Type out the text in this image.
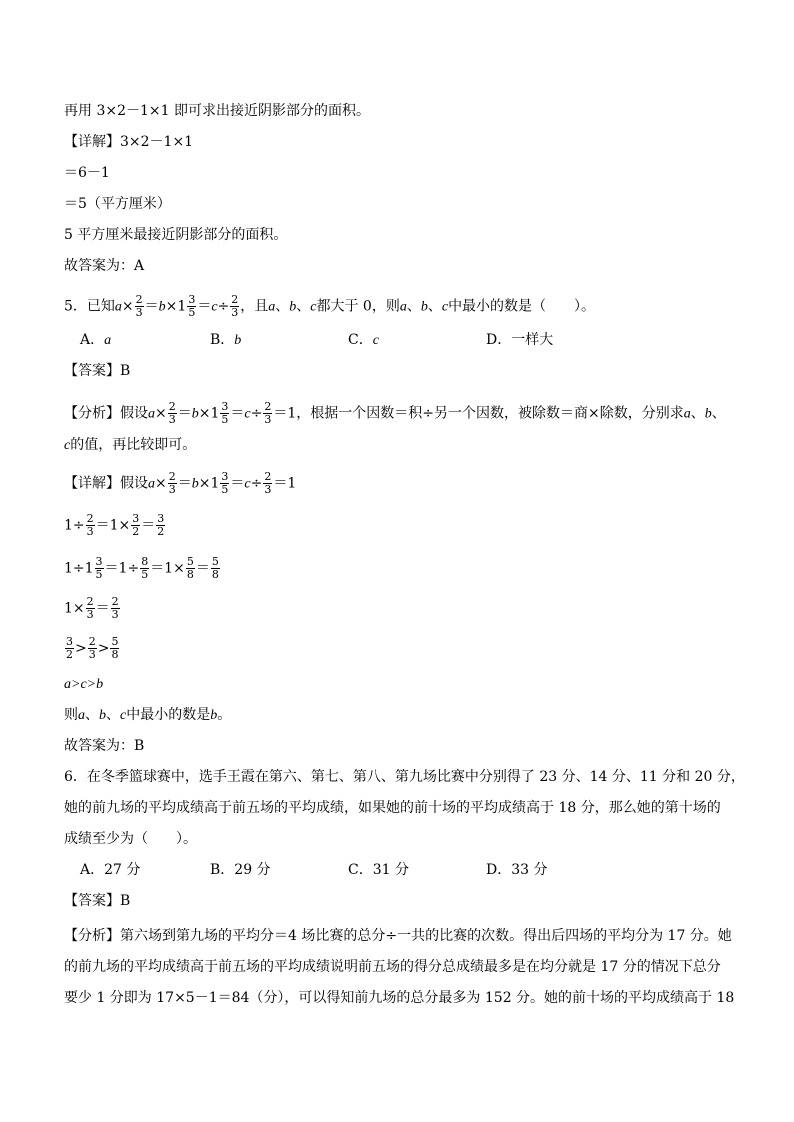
再用 3×2－1×1 即可求出接近阴影部分的面积。
【详解】3×2－1×1
＝6－1
＝5（平方厘米）
5 平方厘米最接近阴影部分的面积。
故答案为：A
5．已知$a\times \frac{2}{3} =b\times 1 \frac{3}{5} =c\div \frac{2}{3}$ ，且a、b、c都大于 0，则a、b、c中最小的数是（　　）。
A．a	B．b	C．c	D．一样大
【答案】B
【分析】假设$a\times \frac{2}{3} =b\times 1 \frac{3}{5} =c\div \frac{2}{3} =1$，根据一个因数＝积÷另一个因数，被除数＝商×除数，分别求a、b、
c的值，再比较即可。
【详解】假设$a\times \frac{2}{3} =b\times 1 \frac{3}{5} =c\div \frac{2}{3} =1$
$1\div \frac{2}{3} =1\times \frac{3}{2} = \frac{3}{2}$
$1\div 1 \frac{3}{5} =1\div \frac{8}{5} =1\times \frac{5}{8} = \frac{5}{8}$
$1\times \frac{2}{3} = \frac{2}{3}$
$\frac{3}{2} > \frac{2}{3} > \frac{5}{8}$
a>c>b
则a、b、c中最小的数是b。
故答案为：B
6．在冬季篮球赛中，选手王霞在第六、第七、第八、第九场比赛中分别得了 23 分、14 分、11 分和 20 分，
她的前九场的平均成绩高于前五场的平均成绩，如果她的前十场的平均成绩高于 18 分，那么她的第十场的
成绩至少为（　　）。
A．27 分	B．29 分	C．31 分	D．33 分
【答案】B
【分析】第六场到第九场的平均分＝4 场比赛的总分÷一共的比赛的次数。得出后四场的平均分为 17 分。她
的前九场的平均成绩高于前五场的平均成绩说明前五场的得分总成绩最多是在均分就是 17 分的情况下总分
要少 1 分即为 17×5－1＝84（分），可以得知前九场的总分最多为 152 分。她的前十场的平均成绩高于 18
